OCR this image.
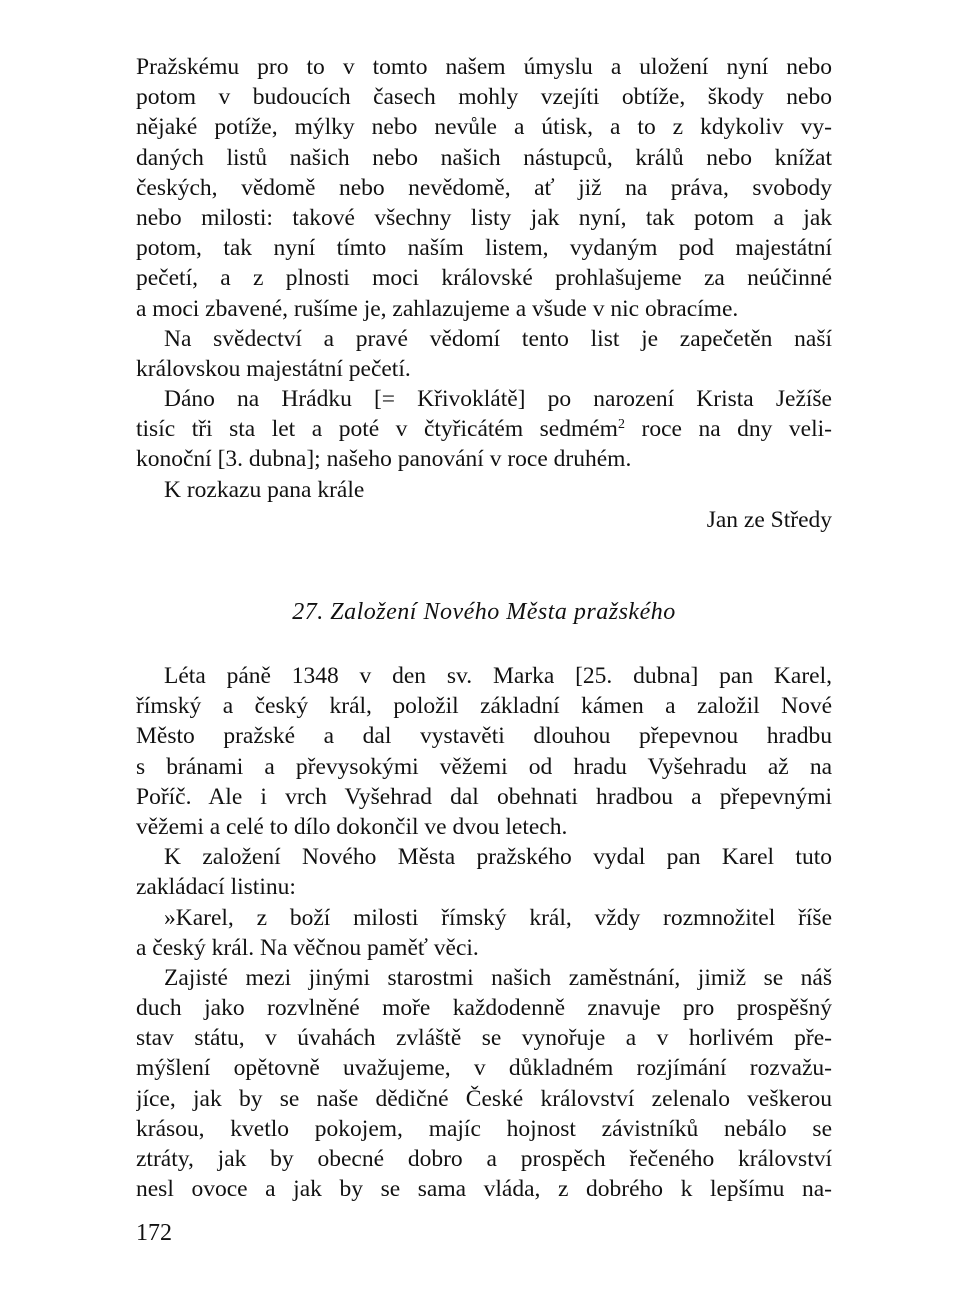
Pražskému pro to v tomto našem úmyslu a uložení nyní nebo
potom v budoucích časech mohly vzejíti obtíže, škody nebo
nějaké potíže, mýlky nebo nevůle a útisk, a to z kdykoliv vy-
daných listů našich nebo našich nástupců, králů nebo knížat
českých, vědomě nebo nevědomě, ať již na práva, svobody
nebo milosti: takové všechny listy jak nyní, tak potom a jak
potom, tak nyní tímto naším listem, vydaným pod majestátní
pečetí, a z plnosti moci královské prohlašujeme za neúčinné
a moci zbavené, rušíme je, zahlazujeme a všude v nic obracíme.
Na svědectví a pravé vědomí tento list je zapečetěn naší
královskou majestátní pečetí.
Dáno na Hrádku [= Křivoklátě] po narození Krista Ježíše
tisíc tři sta let a poté v čtyřicátém sedmém$^2$ roce na dny veli-
konoční [3. dubna]; našeho panování v roce druhém.
K rozkazu pana krále
Jan ze Středy
27. Založení Nového Města pražského
Léta páně 1348 v den sv. Marka [25. dubna] pan Karel,
římský a český král, položil základní kámen a založil Nové
Město pražské a dal vystavěti dlouhou přepevnou hradbu
s bránami a převysokými věžemi od hradu Vyšehradu až na
Poříč. Ale i vrch Vyšehrad dal obehnati hradbou a přepevnými
věžemi a celé to dílo dokončil ve dvou letech.
K založení Nového Města pražského vydal pan Karel tuto
zakládací listinu:
»Karel, z boží milosti římský král, vždy rozmnožitel říše
a český král. Na věčnou paměť věci.
Zajisté mezi jinými starostmi našich zaměstnání, jimiž se náš
duch jako rozvlněné moře každodenně znavuje pro prospěšný
stav státu, v úvahách zvláště se vynořuje a v horlivém pře-
mýšlení opětovně uvažujeme, v důkladném rozjímání rozvažu-
jíce, jak by se naše dědičné České království zelenalo veškerou
krásou, kvetlo pokojem, majíc hojnost závistníků nebálo se
ztráty, jak by obecné dobro a prospěch řečeného království
nesl ovoce a jak by se sama vláda, z dobrého k lepšímu na-
172
